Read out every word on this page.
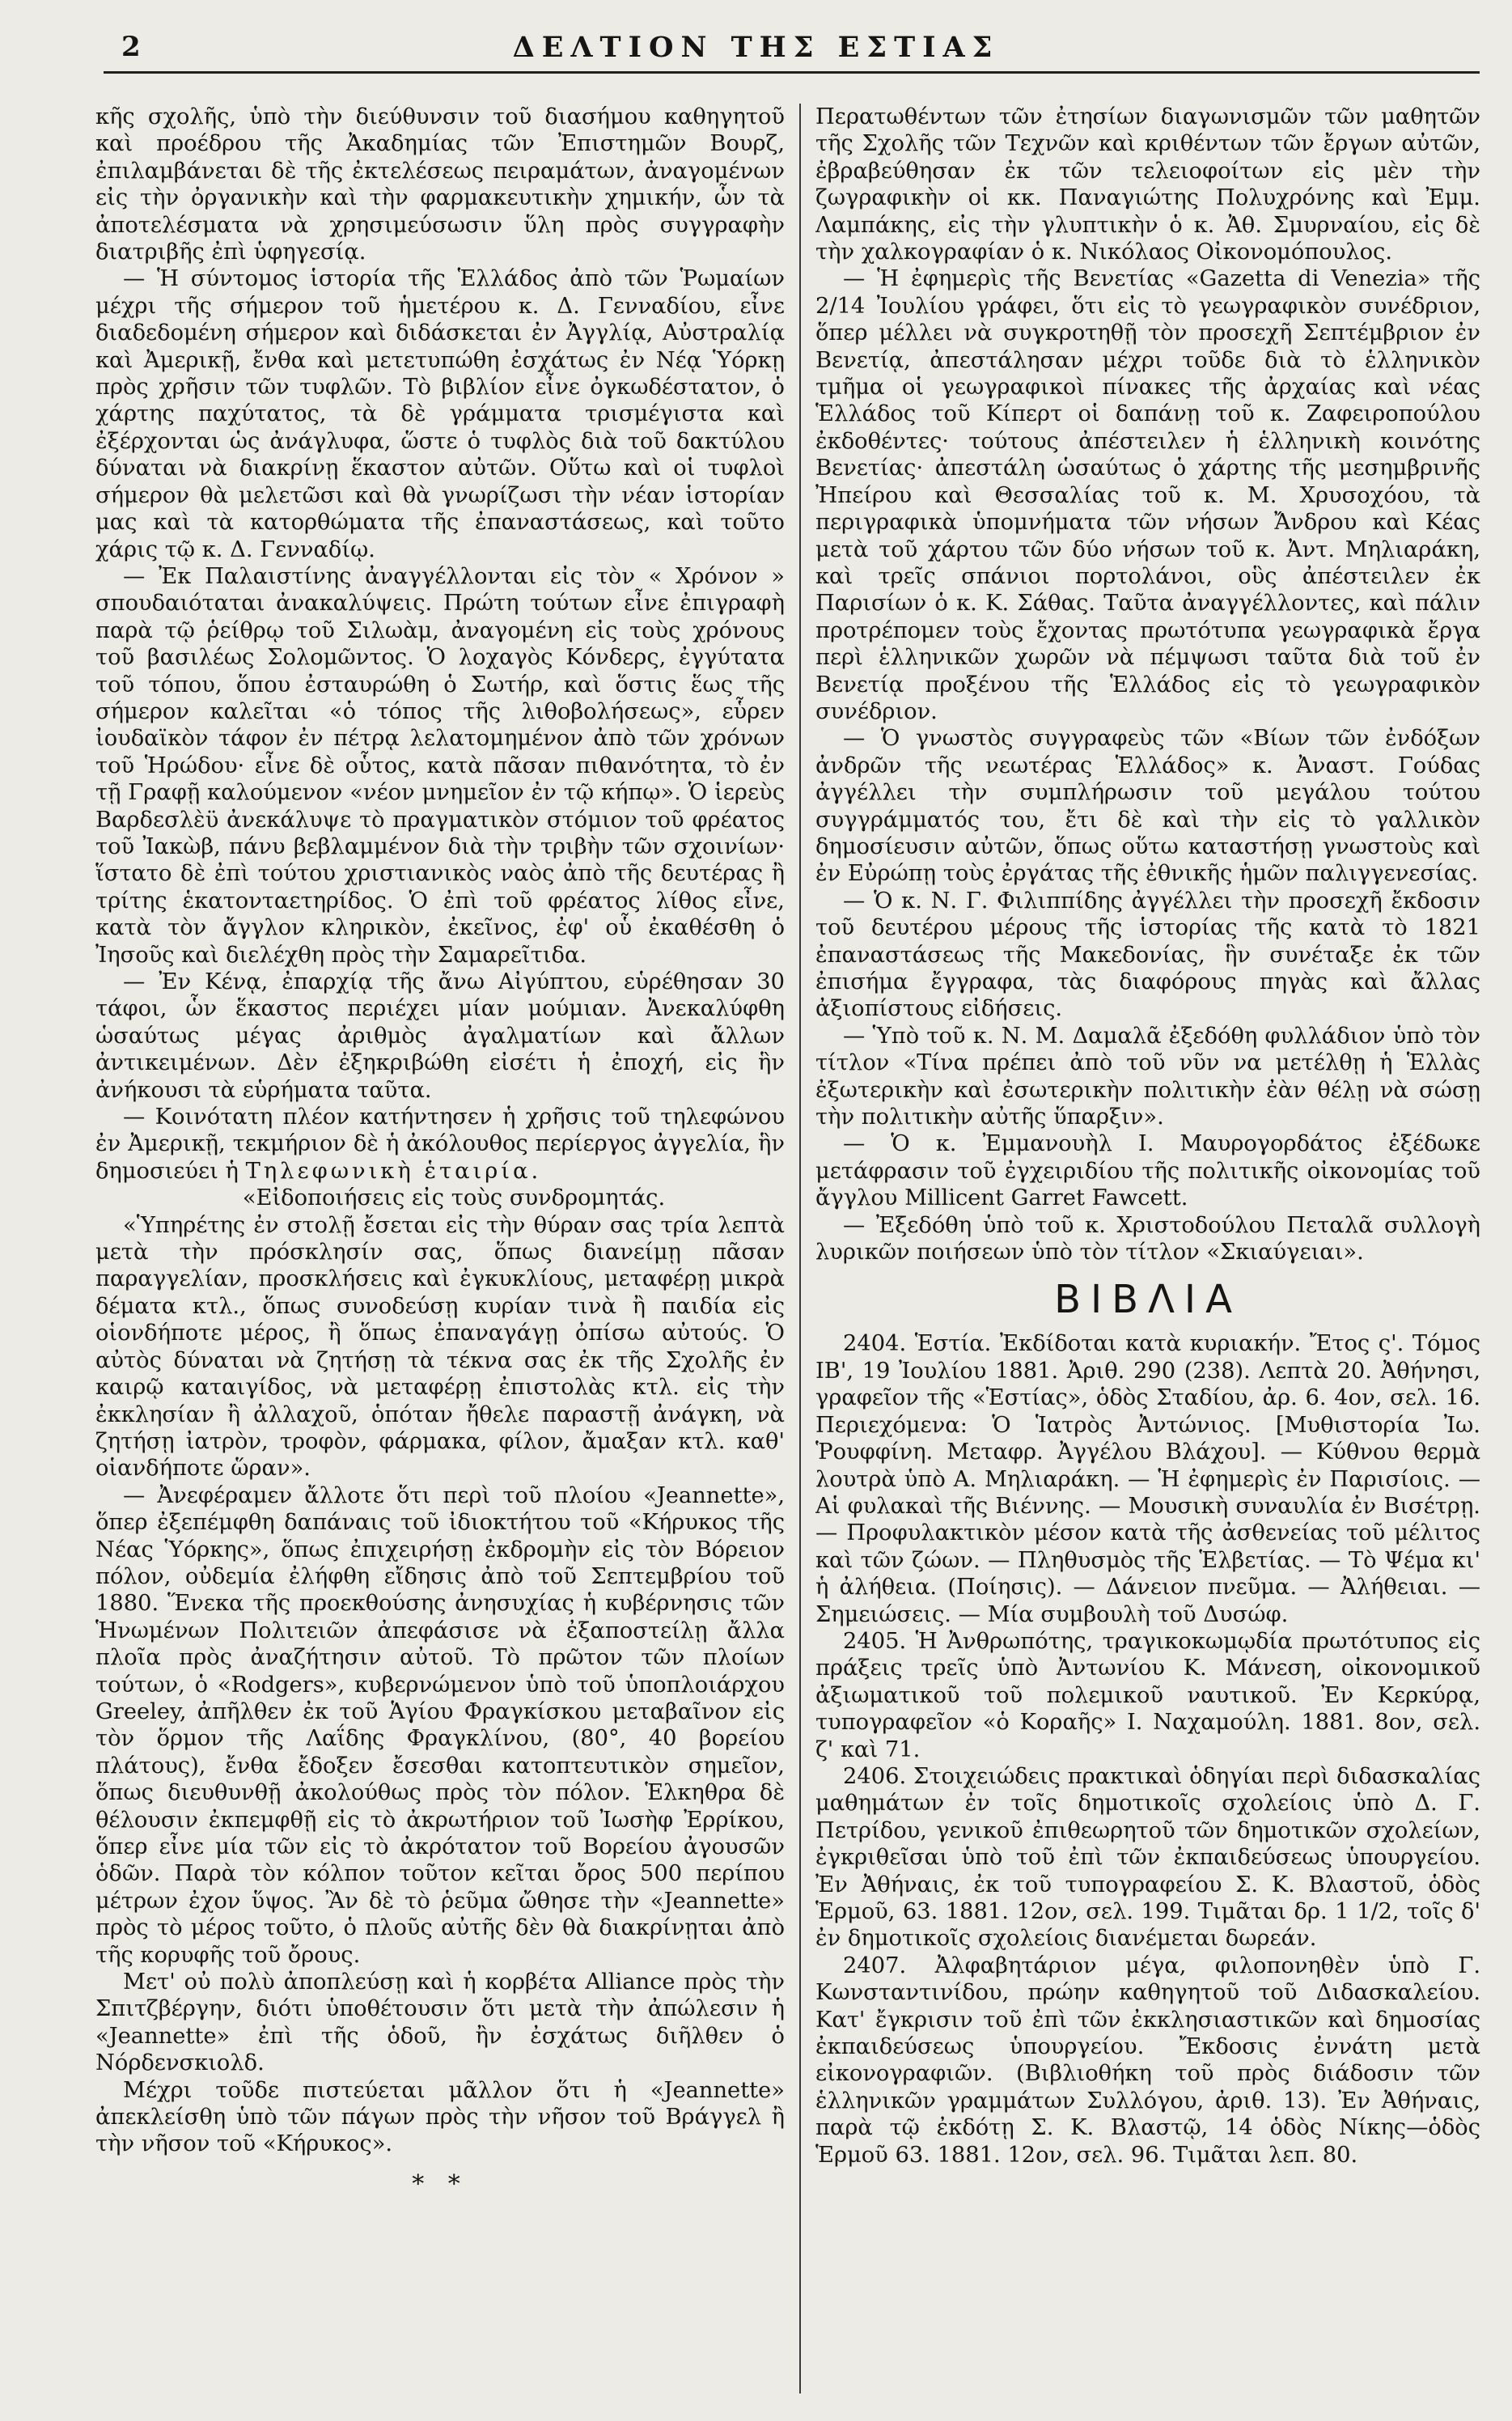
2	ΔΕΛΤΙΟΝ ΤΗΣ ΕΣΤΙΑΣ

κῆς σχολῆς, ὑπὸ τὴν διεύθυνσιν τοῦ διασήμου καθηγητοῦ καὶ προέδρου τῆς Ἀκαδημίας τῶν Ἐπιστημῶν Βουρζ, ἐπιλαμβάνεται δὲ τῆς ἐκτελέσεως πειραμάτων, ἀναγομένων εἰς τὴν ὀργανικὴν καὶ τὴν φαρμακευτικὴν χημικήν, ὧν τὰ ἀποτελέσματα νὰ χρησιμεύσωσιν ὕλη πρὸς συγγραφὴν διατριβῆς ἐπὶ ὑφηγεσίᾳ.

— Ἡ σύντομος ἱστορία τῆς Ἑλλάδος ἀπὸ τῶν Ῥωμαίων μέχρι τῆς σήμερον τοῦ ἡμετέρου κ. Δ. Γενναδίου, εἶνε διαδεδομένη σήμερον καὶ διδάσκεται ἐν Ἀγγλίᾳ, Αὐστραλίᾳ καὶ Ἀμερικῇ, ἔνθα καὶ μετετυπώθη ἐσχάτως ἐν Νέᾳ Ὑόρκῃ πρὸς χρῆσιν τῶν τυφλῶν. Τὸ βιβλίον εἶνε ὀγκωδέστατον, ὁ χάρτης παχύτατος, τὰ δὲ γράμματα τρισμέγιστα καὶ ἐξέρχονται ὡς ἀνάγλυφα, ὥστε ὁ τυφλὸς διὰ τοῦ δακτύλου δύναται νὰ διακρίνῃ ἕκαστον αὐτῶν. Οὕτω καὶ οἱ τυφλοὶ σήμερον θὰ μελετῶσι καὶ θὰ γνωρίζωσι τὴν νέαν ἱστορίαν μας καὶ τὰ κατορθώματα τῆς ἐπαναστάσεως, καὶ τοῦτο χάρις τῷ κ. Δ. Γενναδίῳ.

— Ἐκ Παλαιστίνης ἀναγγέλλονται εἰς τὸν « Χρόνον » σπουδαιόταται ἀνακαλύψεις. Πρώτη τούτων εἶνε ἐπιγραφὴ παρὰ τῷ ῥείθρῳ τοῦ Σιλωὰμ, ἀναγομένη εἰς τοὺς χρόνους τοῦ βασιλέως Σολομῶντος. Ὁ λοχαγὸς Κόνδερς, ἐγγύτατα τοῦ τόπου, ὅπου ἐσταυρώθη ὁ Σωτήρ, καὶ ὅστις ἕως τῆς σήμερον καλεῖται «ὁ τόπος τῆς λιθοβολήσεως», εὗρεν ἰουδαϊκὸν τάφον ἐν πέτρᾳ λελατομημένον ἀπὸ τῶν χρόνων τοῦ Ἡρώδου· εἶνε δὲ οὗτος, κατὰ πᾶσαν πιθανότητα, τὸ ἐν τῇ Γραφῇ καλούμενον «νέον μνημεῖον ἐν τῷ κήπῳ». Ὁ ἱερεὺς Βαρδεσλὲϋ ἀνεκάλυψε τὸ πραγματικὸν στόμιον τοῦ φρέατος τοῦ Ἰακὼβ, πάνυ βεβλαμμένον διὰ τὴν τριβὴν τῶν σχοινίων· ἵστατο δὲ ἐπὶ τούτου χριστιανικὸς ναὸς ἀπὸ τῆς δευτέρας ἢ τρίτης ἑκατονταετηρίδος. Ὁ ἐπὶ τοῦ φρέατος λίθος εἶνε, κατὰ τὸν ἄγγλον κληρικὸν, ἐκεῖνος, ἐφ' οὗ ἐκαθέσθη ὁ Ἰησοῦς καὶ διελέχθη πρὸς τὴν Σαμαρεῖτιδα.

— Ἐν Κένᾳ, ἐπαρχίᾳ τῆς ἄνω Αἰγύπτου, εὑρέθησαν 30 τάφοι, ὧν ἕκαστος περιέχει μίαν μούμιαν. Ἀνεκαλύφθη ὡσαύτως μέγας ἀριθμὸς ἀγαλματίων καὶ ἄλλων ἀντικειμένων. Δὲν ἐξηκριβώθη εἰσέτι ἡ ἐποχή, εἰς ἣν ἀνήκουσι τὰ εὑρήματα ταῦτα.

— Κοινότατη πλέον κατήντησεν ἡ χρῆσις τοῦ τηλεφώνου ἐν Ἀμερικῇ, τεκμήριον δὲ ἡ ἀκόλουθος περίεργος ἀγγελία, ἣν δημοσιεύει ἡ Τηλεφωνικὴ ἑταιρία.

«Εἰδοποιήσεις εἰς τοὺς συνδρομητάς.

«Ὑπηρέτης ἐν στολῇ ἔσεται εἰς τὴν θύραν σας τρία λεπτὰ μετὰ τὴν πρόσκλησίν σας, ὅπως διανείμῃ πᾶσαν παραγγελίαν, προσκλήσεις καὶ ἐγκυκλίους, μεταφέρῃ μικρὰ δέματα κτλ., ὅπως συνοδεύσῃ κυρίαν τινὰ ἢ παιδία εἰς οἱονδήποτε μέρος, ἢ ὅπως ἐπαναγάγῃ ὀπίσω αὐτούς. Ὁ αὐτὸς δύναται νὰ ζητήσῃ τὰ τέκνα σας ἐκ τῆς Σχολῆς ἐν καιρῷ καταιγίδος, νὰ μεταφέρῃ ἐπιστολὰς κτλ. εἰς τὴν ἐκκλησίαν ἢ ἀλλαχοῦ, ὁπόταν ἤθελε παραστῇ ἀνάγκη, νὰ ζητήσῃ ἰατρὸν, τροφὸν, φάρμακα, φίλον, ἄμαξαν κτλ. καθ' οἱανδήποτε ὥραν».

— Ἀνεφέραμεν ἄλλοτε ὅτι περὶ τοῦ πλοίου «Jeannette», ὅπερ ἐξεπέμφθη δαπάναις τοῦ ἰδιοκτήτου τοῦ «Κήρυκος τῆς Νέας Ὑόρκης», ὅπως ἐπιχειρήσῃ ἐκδρομὴν εἰς τὸν Βόρειον πόλον, οὐδεμία ἐλήφθη εἴδησις ἀπὸ τοῦ Σεπτεμβρίου τοῦ 1880. Ἕνεκα τῆς προεκθούσης ἀνησυχίας ἡ κυβέρνησις τῶν Ἡνωμένων Πολιτειῶν ἀπεφάσισε νὰ ἐξαποστείλῃ ἄλλα πλοῖα πρὸς ἀναζήτησιν αὐτοῦ. Τὸ πρῶτον τῶν πλοίων τούτων, ὁ «Rodgers», κυβερνώμενον ὑπὸ τοῦ ὑποπλοιάρχου Greeley, ἀπῆλθεν ἐκ τοῦ Ἁγίου Φραγκίσκου μεταβαῖνον εἰς τὸν ὅρμον τῆς Λαΐδης Φραγκλίνου, (80°, 40 βορείου πλάτους), ἔνθα ἔδοξεν ἔσεσθαι κατοπτευτικὸν σημεῖον, ὅπως διευθυνθῇ ἀκολούθως πρὸς τὸν πόλον. Ἑλκηθρα δὲ θέλουσιν ἐκπεμφθῇ εἰς τὸ ἀκρωτήριον τοῦ Ἰωσὴφ Ἐρρίκου, ὅπερ εἶνε μία τῶν εἰς τὸ ἀκρότατον τοῦ Βορείου ἀγουσῶν ὁδῶν. Παρὰ τὸν κόλπον τοῦτον κεῖται ὄρος 500 περίπου μέτρων ἐχον ὕψος. Ἂν δὲ τὸ ῥεῦμα ὤθησε τὴν «Jeannette» πρὸς τὸ μέρος τοῦτο, ὁ πλοῦς αὐτῆς δὲν θὰ διακρίνῃται ἀπὸ τῆς κορυφῆς τοῦ ὄρους.

Μετ' οὐ πολὺ ἀποπλεύσῃ καὶ ἡ κορβέτα Alliance πρὸς τὴν Σπιτζβέργην, διότι ὑποθέτουσιν ὅτι μετὰ τὴν ἀπώλεσιν ἡ «Jeannette» ἐπὶ τῆς ὁδοῦ, ἢν ἐσχάτως διῆλθεν ὁ Νόρδενσκιολδ.

Μέχρι τοῦδε πιστεύεται μᾶλλον ὅτι ἡ «Jeannette» ἀπεκλείσθη ὑπὸ τῶν πάγων πρὸς τὴν νῆσον τοῦ Βράγγελ ἢ τὴν νῆσον τοῦ «Κήρυκος».

* *

Περατωθέντων τῶν ἐτησίων διαγωνισμῶν τῶν μαθητῶν τῆς Σχολῆς τῶν Τεχνῶν καὶ κριθέντων τῶν ἔργων αὐτῶν, ἐβραβεύθησαν ἐκ τῶν τελειοφοίτων εἰς μὲν τὴν ζωγραφικὴν οἱ κκ. Παναγιώτης Πολυχρόνης καὶ Ἐμμ. Λαμπάκης, εἰς τὴν γλυπτικὴν ὁ κ. Ἀθ. Σμυρναίου, εἰς δὲ τὴν χαλκογραφίαν ὁ κ. Νικόλαος Οἰκονομόπουλος.

— Ἡ ἐφημερὶς τῆς Βενετίας «Gazetta di Venezia» τῆς 2/14 Ἰουλίου γράφει, ὅτι εἰς τὸ γεωγραφικὸν συνέδριον, ὅπερ μέλλει νὰ συγκροτηθῇ τὸν προσεχῆ Σεπτέμβριον ἐν Βενετίᾳ, ἀπεστάλησαν μέχρι τοῦδε διὰ τὸ ἑλληνικὸν τμῆμα οἱ γεωγραφικοὶ πίνακες τῆς ἀρχαίας καὶ νέας Ἑλλάδος τοῦ Κίπερτ οἱ δαπάνῃ τοῦ κ. Ζαφειροπούλου ἐκδοθέντες· τούτους ἀπέστειλεν ἡ ἑλληνικὴ κοινότης Βενετίας· ἀπεστάλη ὡσαύτως ὁ χάρτης τῆς μεσημβρινῆς Ἠπείρου καὶ Θεσσαλίας τοῦ κ. Μ. Χρυσοχόου, τὰ περιγραφικὰ ὑπομνήματα τῶν νήσων Ἄνδρου καὶ Κέας μετὰ τοῦ χάρτου τῶν δύο νήσων τοῦ κ. Ἀντ. Μηλιαράκη, καὶ τρεῖς σπάνιοι πορτολάνοι, οὓς ἀπέστειλεν ἐκ Παρισίων ὁ κ. Κ. Σάθας. Ταῦτα ἀναγγέλλοντες, καὶ πάλιν προτρέπομεν τοὺς ἔχοντας πρωτότυπα γεωγραφικὰ ἔργα περὶ ἑλληνικῶν χωρῶν νὰ πέμψωσι ταῦτα διὰ τοῦ ἐν Βενετίᾳ προξένου τῆς Ἑλλάδος εἰς τὸ γεωγραφικὸν συνέδριον.

— Ὁ γνωστὸς συγγραφεὺς τῶν «Βίων τῶν ἐνδόξων ἀνδρῶν τῆς νεωτέρας Ἑλλάδος» κ. Ἀναστ. Γούδας ἀγγέλλει τὴν συμπλήρωσιν τοῦ μεγάλου τούτου συγγράμματός του, ἔτι δὲ καὶ τὴν εἰς τὸ γαλλικὸν δημοσίευσιν αὐτῶν, ὅπως οὕτω καταστήσῃ γνωστοὺς καὶ ἐν Εὐρώπῃ τοὺς ἐργάτας τῆς ἐθνικῆς ἡμῶν παλιγγενεσίας.

— Ὁ κ. Ν. Γ. Φιλιππίδης ἀγγέλλει τὴν προσεχῆ ἔκδοσιν τοῦ δευτέρου μέρους τῆς ἱστορίας τῆς κατὰ τὸ 1821 ἐπαναστάσεως τῆς Μακεδονίας, ἣν συνέταξε ἐκ τῶν ἐπισήμα ἔγγραφα, τὰς διαφόρους πηγὰς καὶ ἄλλας ἀξιοπίστους εἰδήσεις.

— Ὑπὸ τοῦ κ. Ν. Μ. Δαμαλᾶ ἐξεδόθη φυλλάδιον ὑπὸ τὸν τίτλον «Τίνα πρέπει ἀπὸ τοῦ νῦν να μετέλθῃ ἡ Ἑλλὰς ἐξωτερικὴν καὶ ἐσωτερικὴν πολιτικὴν ἐὰν θέλῃ νὰ σώσῃ τὴν πολιτικὴν αὐτῆς ὕπαρξιν».

— Ὁ κ. Ἐμμανουὴλ Ι. Μαυρογορδάτος ἐξέδωκε μετάφρασιν τοῦ ἐγχειριδίου τῆς πολιτικῆς οἰκονομίας τοῦ ἄγγλου Millicent Garret Fawcett.

— Ἐξεδόθη ὑπὸ τοῦ κ. Χριστοδούλου Πεταλᾶ συλλογὴ λυρικῶν ποιήσεων ὑπὸ τὸν τίτλον «Σκιαύγειαι».

ΒΙΒΛΙΑ

2404. Ἑστία. Ἐκδίδοται κατὰ κυριακήν. Ἔτος ς'. Τόμος ΙΒ', 19 Ἰουλίου 1881. Ἀριθ. 290 (238). Λεπτὰ 20. Ἀθήνησι, γραφεῖον τῆς «Ἑστίας», ὁδὸς Σταδίου, ἀρ. 6. 4ον, σελ. 16. Περιεχόμενα: Ὁ Ἱατρὸς Ἀντώνιος. [Μυθιστορία Ἰω. Ῥουφφίνη. Μεταφρ. Ἀγγέλου Βλάχου]. — Κύθνου θερμὰ λουτρὰ ὑπὸ Α. Μηλιαράκη. — Ἡ ἐφημερὶς ἐν Παρισίοις. — Αἱ φυλακαὶ τῆς Βιέννης. — Μουσικὴ συναυλία ἐν Βισέτρῃ. — Προφυλακτικὸν μέσον κατὰ τῆς ἀσθενείας τοῦ μέλιτος καὶ τῶν ζώων. — Πληθυσμὸς τῆς Ἑλβετίας. — Τὸ Ψέμα κι' ἡ ἀλήθεια. (Ποίησις). — Δάνειον πνεῦμα. — Ἀλήθειαι. — Σημειώσεις. — Μία συμβουλὴ τοῦ Δυσώφ.

2405. Ἡ Ἀνθρωπότης, τραγικοκωμῳδία πρωτότυπος εἰς πράξεις τρεῖς ὑπὸ Ἀντωνίου Κ. Μάνεση, οἰκονομικοῦ ἀξιωματικοῦ τοῦ πολεμικοῦ ναυτικοῦ. Ἐν Κερκύρᾳ, τυπογραφεῖον «ὁ Κοραῆς» Ι. Ναχαμούλη. 1881. 8ον, σελ. ζ' καὶ 71.

2406. Στοιχειώδεις πρακτικαὶ ὁδηγίαι περὶ διδασκαλίας μαθημάτων ἐν τοῖς δημοτικοῖς σχολείοις ὑπὸ Δ. Γ. Πετρίδου, γενικοῦ ἐπιθεωρητοῦ τῶν δημοτικῶν σχολείων, ἐγκριθεῖσαι ὑπὸ τοῦ ἐπὶ τῶν ἐκπαιδεύσεως ὑπουργείου. Ἐν Ἀθήναις, ἐκ τοῦ τυπογραφείου Σ. Κ. Βλαστοῦ, ὁδὸς Ἑρμοῦ, 63. 1881. 12ον, σελ. 199. Τιμᾶται δρ. 1 1/2, τοῖς δ' ἐν δημοτικοῖς σχολείοις διανέμεται δωρεάν.

2407. Ἀλφαβητάριον μέγα, φιλοπονηθὲν ὑπὸ Γ. Κωνσταντινίδου, πρώην καθηγητοῦ τοῦ Διδασκαλείου. Κατ' ἔγκρισιν τοῦ ἐπὶ τῶν ἐκκλησιαστικῶν καὶ δημοσίας ἐκπαιδεύσεως ὑπουργείου. Ἔκδοσις ἐννάτη μετὰ εἰκονογραφιῶν. (Βιβλιοθήκη τοῦ πρὸς διάδοσιν τῶν ἑλληνικῶν γραμμάτων Συλλόγου, ἀριθ. 13). Ἐν Ἀθήναις, παρὰ τῷ ἐκδότῃ Σ. Κ. Βλαστῷ, 14 ὁδὸς Νίκης—ὁδὸς Ἑρμοῦ 63. 1881. 12ον, σελ. 96. Τιμᾶται λεπ. 80.
